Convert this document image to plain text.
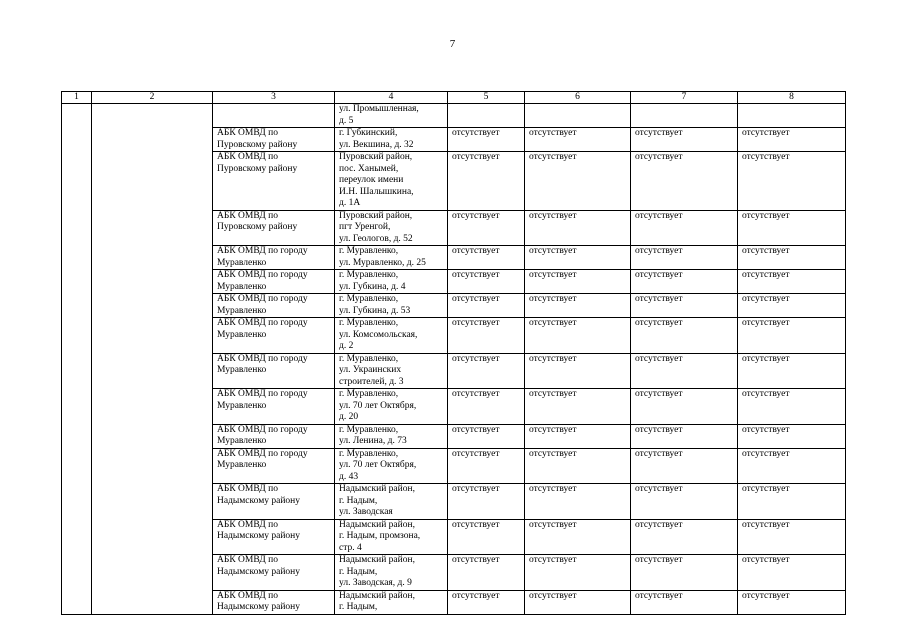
7
1	2	3	4	5	6	7	8

			ул. Промышленная,
д. 5				

		АБК ОМВД по
Пуровскому району	г. Губкинский,
ул. Векшина, д. 32	отсутствует	отсутствует	отсутствует	отсутствует

		АБК ОМВД по
Пуровскому району	Пуровский район,
пос. Ханымей,
переулок имени
И.Н. Шалышкина,
д. 1А	отсутствует	отсутствует	отсутствует	отсутствует

		АБК ОМВД по
Пуровскому району	Пуровский район,
пгт Уренгой,
ул. Геологов, д. 52	отсутствует	отсутствует	отсутствует	отсутствует

		АБК ОМВД по городу
Муравленко	г. Муравленко,
ул. Муравленко, д. 25	отсутствует	отсутствует	отсутствует	отсутствует

		АБК ОМВД по городу
Муравленко	г. Муравленко,
ул. Губкина, д. 4	отсутствует	отсутствует	отсутствует	отсутствует

		АБК ОМВД по городу
Муравленко	г. Муравленко,
ул. Губкина, д. 53	отсутствует	отсутствует	отсутствует	отсутствует

		АБК ОМВД по городу
Муравленко	г. Муравленко,
ул. Комсомольская,
д. 2	отсутствует	отсутствует	отсутствует	отсутствует

		АБК ОМВД по городу
Муравленко	г. Муравленко,
ул. Украинских
строителей, д. 3	отсутствует	отсутствует	отсутствует	отсутствует

		АБК ОМВД по городу
Муравленко	г. Муравленко,
ул. 70 лет Октября,
д. 20	отсутствует	отсутствует	отсутствует	отсутствует

		АБК ОМВД по городу
Муравленко	г. Муравленко,
ул. Ленина, д. 73	отсутствует	отсутствует	отсутствует	отсутствует

		АБК ОМВД по городу
Муравленко	г. Муравленко,
ул. 70 лет Октября,
д. 43	отсутствует	отсутствует	отсутствует	отсутствует

		АБК ОМВД по
Надымскому району	Надымский район,
г. Надым,
ул. Заводская	отсутствует	отсутствует	отсутствует	отсутствует

		АБК ОМВД по
Надымскому району	Надымский район,
г. Надым, промзона,
стр. 4	отсутствует	отсутствует	отсутствует	отсутствует

		АБК ОМВД по
Надымскому району	Надымский район,
г. Надым,
ул. Заводская, д. 9	отсутствует	отсутствует	отсутствует	отсутствует

		АБК ОМВД по
Надымскому району	Надымский район,
г. Надым,	отсутствует	отсутствует	отсутствует	отсутствует
